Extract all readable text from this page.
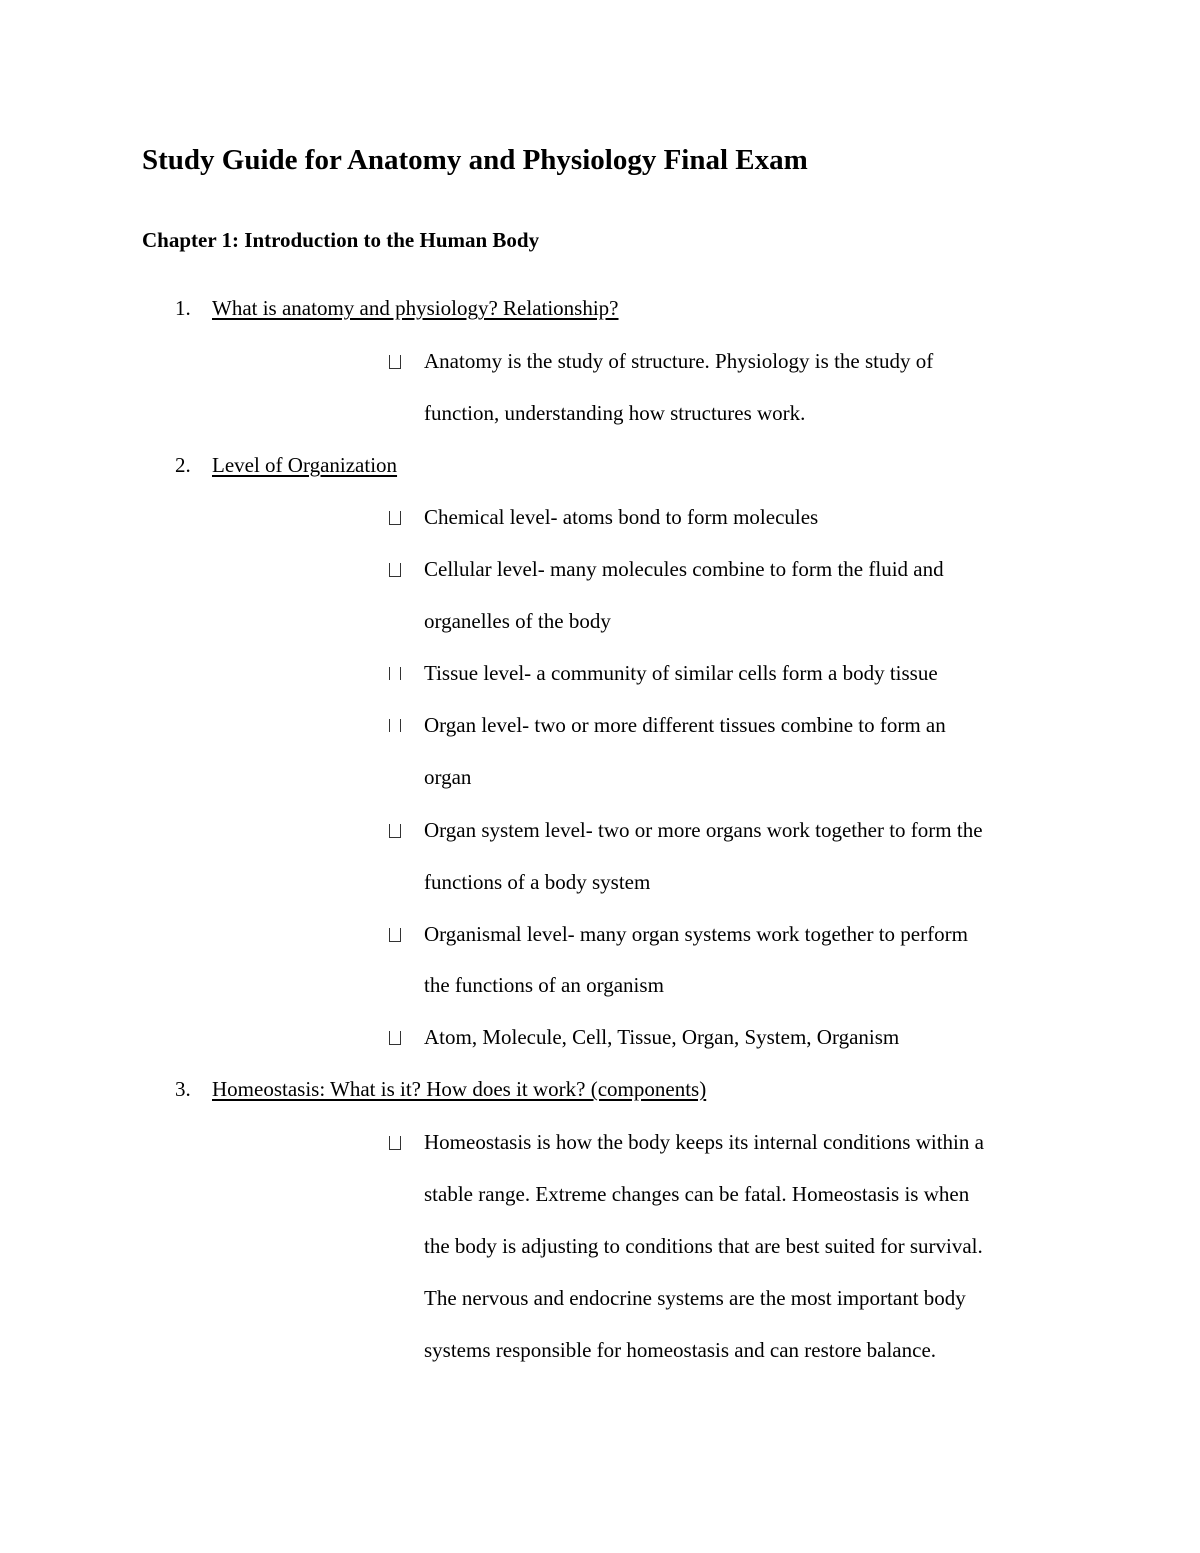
Study Guide for Anatomy and Physiology Final Exam
Chapter 1: Introduction to the Human Body
1. What is anatomy and physiology? Relationship?
Anatomy is the study of structure. Physiology is the study of
function, understanding how structures work.
2. Level of Organization
Chemical level- atoms bond to form molecules
Cellular level- many molecules combine to form the fluid and
organelles of the body
Tissue level- a community of similar cells form a body tissue
Organ level- two or more different tissues combine to form an
organ
Organ system level- two or more organs work together to form the
functions of a body system
Organismal level- many organ systems work together to perform
the functions of an organism
Atom, Molecule, Cell, Tissue, Organ, System, Organism
3. Homeostasis: What is it? How does it work? (components)
Homeostasis is how the body keeps its internal conditions within a
stable range. Extreme changes can be fatal. Homeostasis is when
the body is adjusting to conditions that are best suited for survival.
The nervous and endocrine systems are the most important body
systems responsible for homeostasis and can restore balance.
